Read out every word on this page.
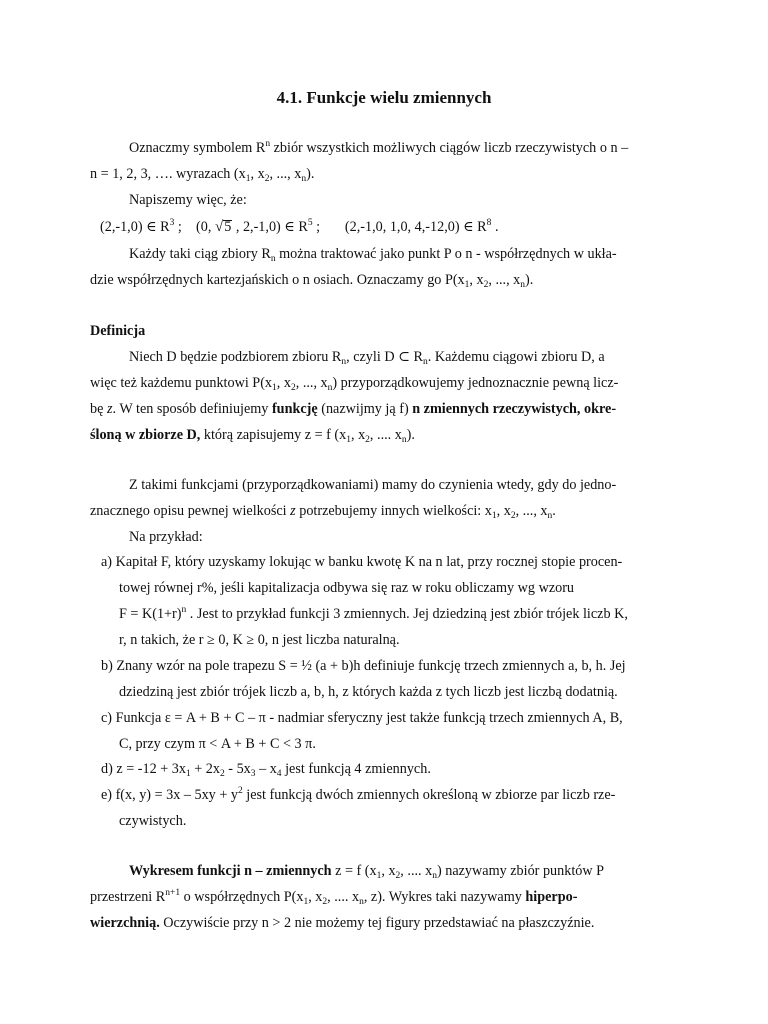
4.1. Funkcje wielu zmiennych
Oznaczmy symbolem $R^n$ zbiór wszystkich możliwych ciągów liczb rzeczywistych o n –
n = 1, 2, 3, …. wyrazach ($x_1$, $x_2$, ..., $x_n$).
Napiszemy więc, że:
(2,-1,0) ∈ $R^3$ ;    (0, √5 , 2,-1,0) ∈ $R^5$ ;       (2,-1,0, 1,0, 4,-12,0) ∈ $R^8$ .
Każdy taki ciąg zbiory $R_n$ można traktować jako punkt P o n - współrzędnych w ukła-
dzie współrzędnych kartezjańskich o n osiach. Oznaczamy go $P(x_1$, $x_2$, ..., $x_n$).
Definicja
Niech D będzie podzbiorem zbioru $R_n$, czyli D ⊂ $R_n$. Każdemu ciągowi zbioru D, a
więc też każdemu punktowi $P(x_1$, $x_2$, ..., $x_n$) przyporządkowujemy jednoznacznie pewną licz-
bę z. W ten sposób definiujemy funkcję (nazwijmy ją f) n zmiennych rzeczywistych, okre-
śloną w zbiorze D, którą zapisujemy z = f ($x_1$, $x_2$, .... $x_n$).
Z takimi funkcjami (przyporządkowaniami) mamy do czynienia wtedy, gdy do jedno-
znacznego opisu pewnej wielkości z potrzebujemy innych wielkości: $x_1$, $x_2$, ..., $x_n$.
Na przykład:
a) Kapitał F, który uzyskamy lokując w banku kwotę K na n lat, przy rocznej stopie procen-
towej równej r%, jeśli kapitalizacja odbywa się raz w roku obliczamy wg wzoru
$F = K(1+r)^n$ . Jest to przykład funkcji 3 zmiennych. Jej dziedziną jest zbiór trójek liczb K,
r, n takich, że r ≥ 0, K ≥ 0, n jest liczba naturalną.
b) Znany wzór na pole trapezu S = ½ (a + b)h definiuje funkcję trzech zmiennych a, b, h. Jej
dziedziną jest zbiór trójek liczb a, b, h, z których każda z tych liczb jest liczbą dodatnią.
c) Funkcja ε = A + B + C – π - nadmiar sferyczny jest także funkcją trzech zmiennych A, B,
C, przy czym π < A + B + C < 3 π.
d) $z = -12 + 3x_1 + 2x_2 - 5x_3 - x_4$ jest funkcją 4 zmiennych.
e) f(x, $y) = 3x - 5xy + y^2$ jest funkcją dwóch zmiennych określoną w zbiorze par liczb rze-
czywistych.
Wykresem funkcji n – zmiennych z = f ($x_1$, $x_2$, .... $x_n$) nazywamy zbiór punktów P
przestrzeni $R^{n+1}$ o współrzędnych $P(x_1$, $x_2$, .... $x_n$, z). Wykres taki nazywamy hiperpo-
wierzchnią. Oczywiście przy n > 2 nie możemy tej figury przedstawiać na płaszczyźnie.
